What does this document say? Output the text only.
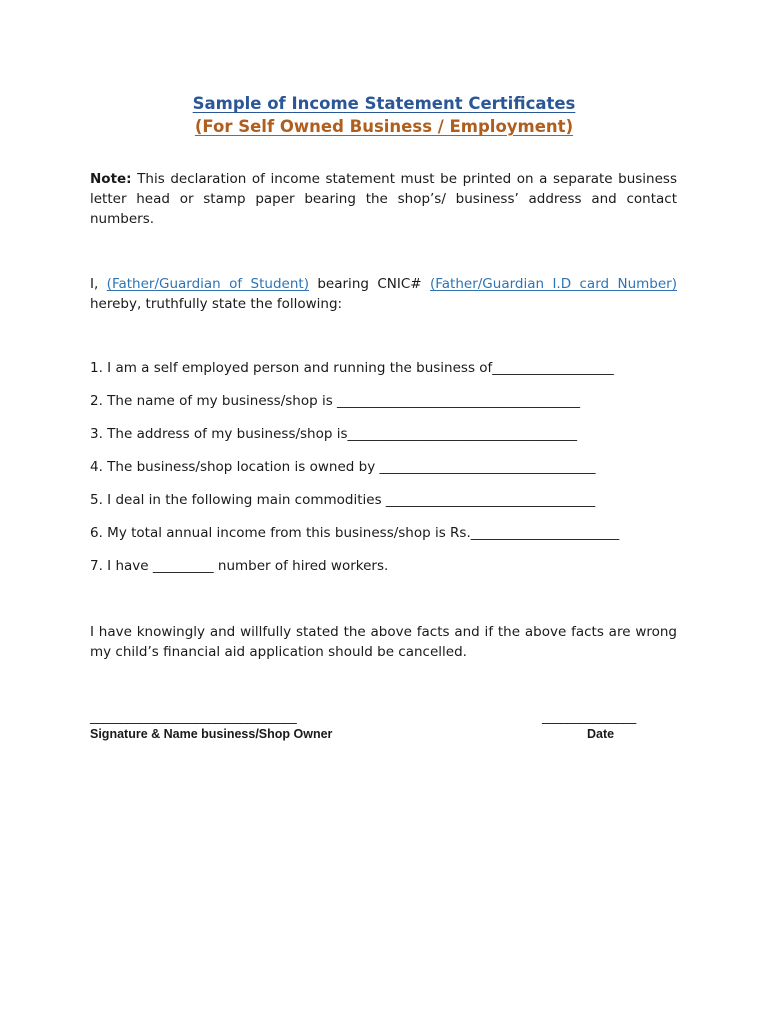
Sample of Income Statement Certificates
(For Self Owned Business / Employment)
Note: This declaration of income statement must be printed on a separate business letter head or stamp paper bearing the shop’s/ business’ address and contact numbers.
I, (Father/Guardian of Student) bearing CNIC# (Father/Guardian I.D card Number) hereby, truthfully state the following:
1. I am a self employed person and running the business of__________________
2. The name of my business/shop is ____________________________________
3. The address of my business/shop is__________________________________
4. The business/shop location is owned by ________________________________
5. I deal in the following main commodities _______________________________
6. My total annual income from this business/shop is Rs.______________________
7. I have _________ number of hired workers.
I have knowingly and willfully stated the above facts and if the above facts are wrong my child’s financial aid application should be cancelled.
_________________________________	_______________
Signature & Name business/Shop Owner	Date
